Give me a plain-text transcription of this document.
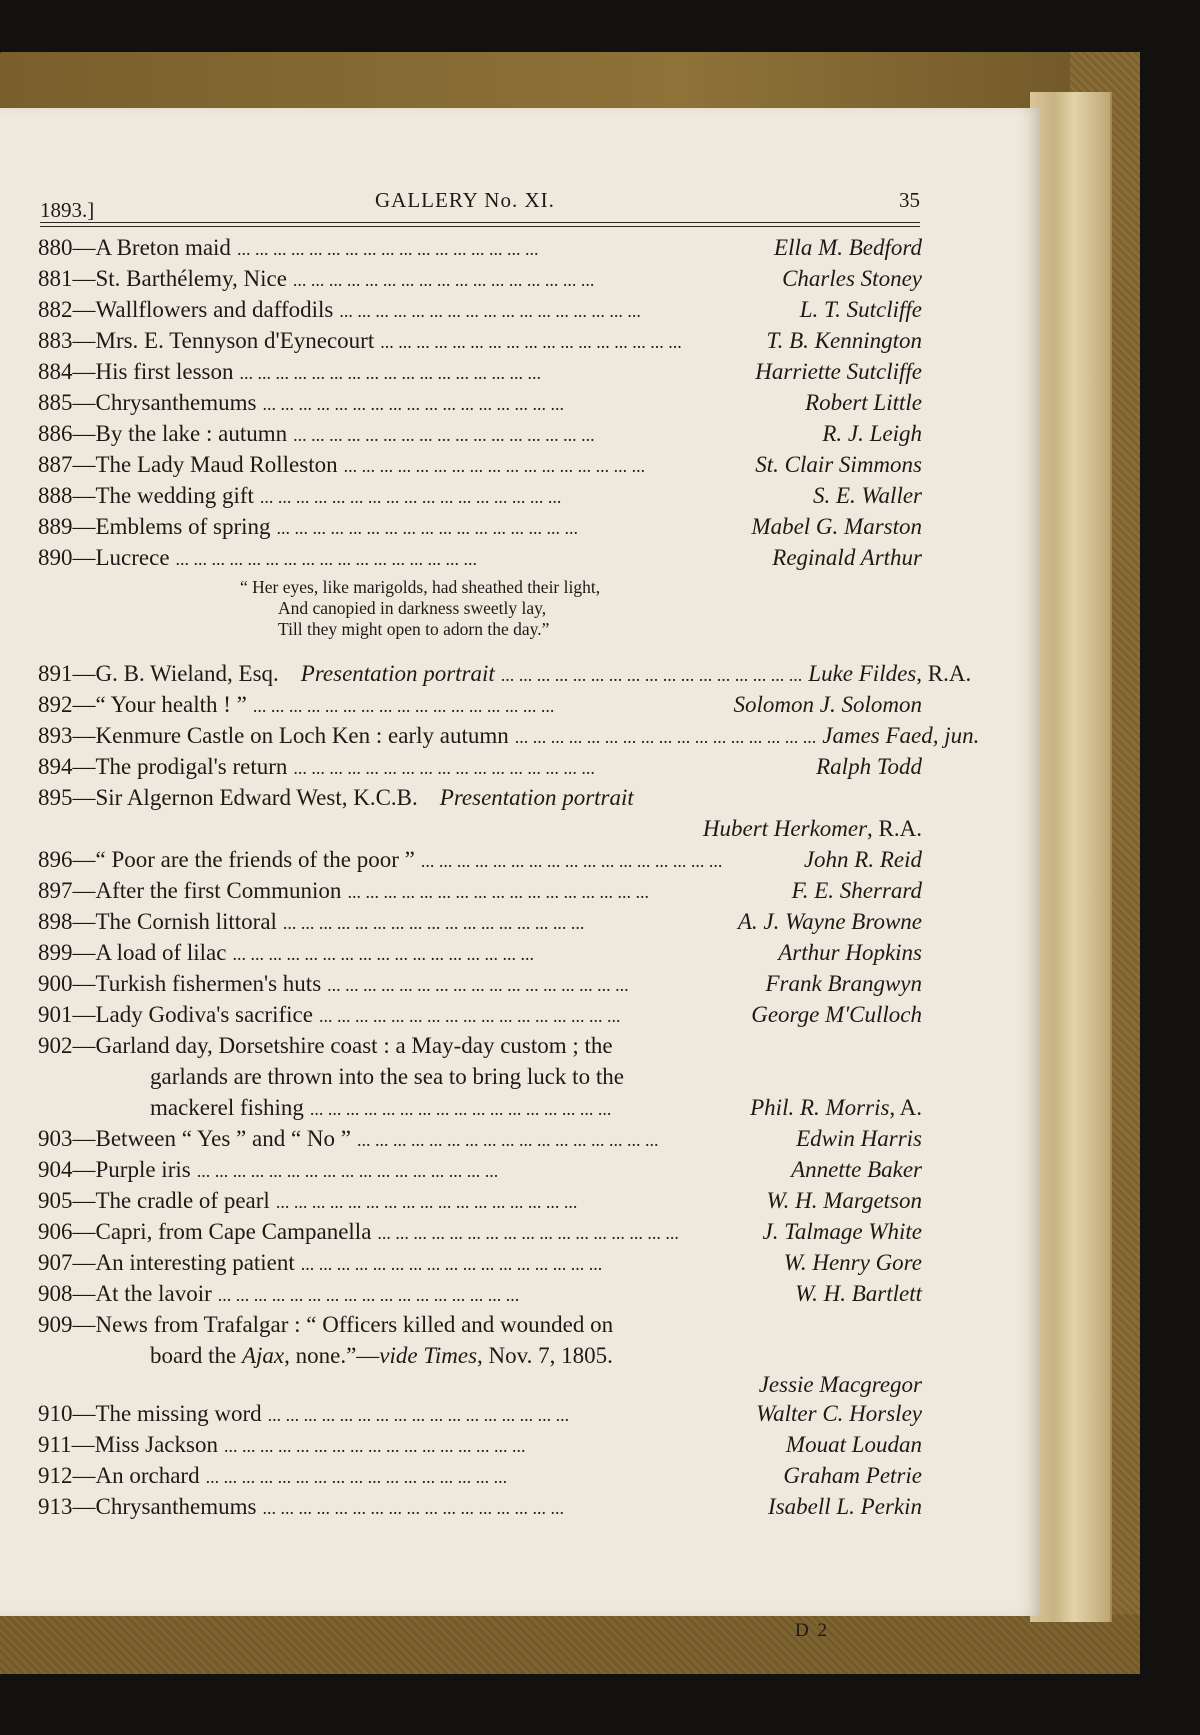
1893.]	GALLERY No. XI.	35
880 — A Breton maid ... ... ... ... ... ... ... ... ... ... ... ... ... ... ... ... ...	Ella M. Bedford
881 — St. Barthélemy, Nice ... ... ... ... ... ... ... ... ... ... ... ... ... ... ... ... ...	Charles Stoney
882 — Wallflowers and daffodils ... ... ... ... ... ... ... ... ... ... ... ... ... ... ... ... ...	L. T. Sutcliffe
883 — Mrs. E. Tennyson d'Eynecourt ... ... ... ... ... ... ... ... ... ... ... ... ... ... ... ... ...	T. B. Kennington
884 — His first lesson ... ... ... ... ... ... ... ... ... ... ... ... ... ... ... ... ...	Harriette Sutcliffe
885 — Chrysanthemums ... ... ... ... ... ... ... ... ... ... ... ... ... ... ... ... ...	Robert Little
886 — By the lake : autumn ... ... ... ... ... ... ... ... ... ... ... ... ... ... ... ... ...	R. J. Leigh
887 — The Lady Maud Rolleston ... ... ... ... ... ... ... ... ... ... ... ... ... ... ... ... ...	St. Clair Simmons
888 — The wedding gift ... ... ... ... ... ... ... ... ... ... ... ... ... ... ... ... ...	S. E. Waller
889 — Emblems of spring ... ... ... ... ... ... ... ... ... ... ... ... ... ... ... ... ...	Mabel G. Marston
890 — Lucrece ... ... ... ... ... ... ... ... ... ... ... ... ... ... ... ... ...	Reginald Arthur
“ Her eyes, like marigolds, had sheathed their light,
And canopied in darkness sweetly lay,
Till they might open to adorn the day.”
891 — G. B. Wieland, Esq. Presentation portrait ... ... ... ... ... ... ... ... ... ... ... ... ... ... ... ... ... Luke Fildes , R.A.
892 — “ Your health ! ” ... ... ... ... ... ... ... ... ... ... ... ... ... ... ... ... ...	Solomon J. Solomon
893 — Kenmure Castle on Loch Ken : early autumn ... ... ... ... ... ... ... ... ... ... ... ... ... ... ... ... ... James Faed, jun.
894 — The prodigal's return ... ... ... ... ... ... ... ... ... ... ... ... ... ... ... ... ...	Ralph Todd
895 — Sir Algernon Edward West, K.C.B. Presentation portrait
Hubert Herkomer , R.A.
896 — “ Poor are the friends of the poor ” ... ... ... ... ... ... ... ... ... ... ... ... ... ... ... ... ...	John R. Reid
897 — After the first Communion ... ... ... ... ... ... ... ... ... ... ... ... ... ... ... ... ...	F. E. Sherrard
898 — The Cornish littoral ... ... ... ... ... ... ... ... ... ... ... ... ... ... ... ... ...	A. J. Wayne Browne
899 — A load of lilac ... ... ... ... ... ... ... ... ... ... ... ... ... ... ... ... ...	Arthur Hopkins
900 — Turkish fishermen's huts ... ... ... ... ... ... ... ... ... ... ... ... ... ... ... ... ...	Frank Brangwyn
901 — Lady Godiva's sacrifice ... ... ... ... ... ... ... ... ... ... ... ... ... ... ... ... ...	George M'Culloch
902 — Garland day, Dorsetshire coast : a May-day custom ; the
garlands are thrown into the sea to bring luck to the
mackerel fishing ... ... ... ... ... ... ... ... ... ... ... ... ... ... ... ... ...	Phil. R. Morris , A.
903 — Between “ Yes ” and “ No ” ... ... ... ... ... ... ... ... ... ... ... ... ... ... ... ... ...	Edwin Harris
904 — Purple iris ... ... ... ... ... ... ... ... ... ... ... ... ... ... ... ... ...	Annette Baker
905 — The cradle of pearl ... ... ... ... ... ... ... ... ... ... ... ... ... ... ... ... ...	W. H. Margetson
906 — Capri, from Cape Campanella ... ... ... ... ... ... ... ... ... ... ... ... ... ... ... ... ...	J. Talmage White
907 — An interesting patient ... ... ... ... ... ... ... ... ... ... ... ... ... ... ... ... ...	W. Henry Gore
908 — At the lavoir ... ... ... ... ... ... ... ... ... ... ... ... ... ... ... ... ...	W. H. Bartlett
909 — News from Trafalgar : “ Officers killed and wounded on
board the Ajax , none.”— vide Times , Nov. 7, 1805.
Jessie Macgregor
910 — The missing word ... ... ... ... ... ... ... ... ... ... ... ... ... ... ... ... ...	Walter C. Horsley
911 — Miss Jackson ... ... ... ... ... ... ... ... ... ... ... ... ... ... ... ... ...	Mouat Loudan
912 — An orchard ... ... ... ... ... ... ... ... ... ... ... ... ... ... ... ... ...	Graham Petrie
913 — Chrysanthemums ... ... ... ... ... ... ... ... ... ... ... ... ... ... ... ... ...	Isabell L. Perkin
D 2
